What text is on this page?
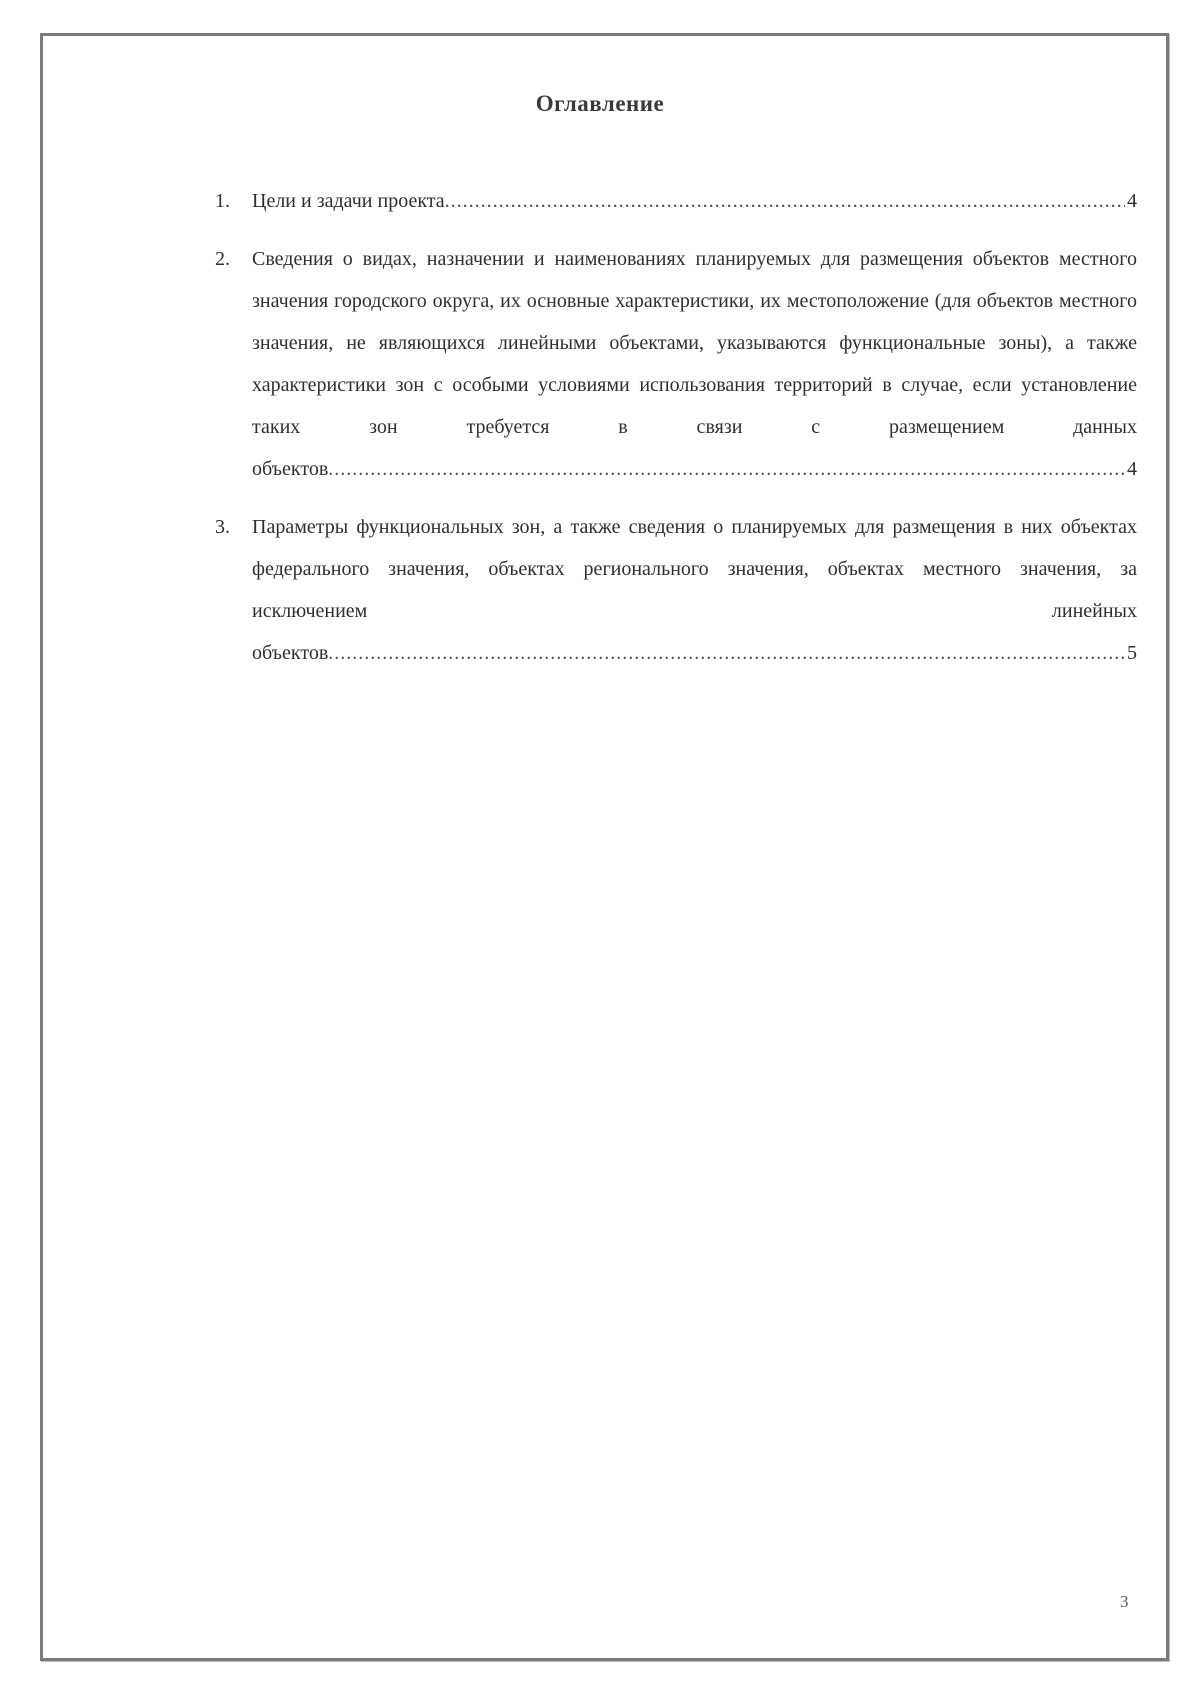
Оглавление
1. Цели и задачи проекта .....	4
2. Сведения о видах, назначении и наименованиях планируемых для размещения объектов местного значения городского округа, их основные характеристики, их местоположение (для объектов местного значения, не являющихся линейными объектами, указываются функциональные зоны), а также характеристики зон с особыми условиями использования территорий в случае, если установление таких зон требуется в связи с размещением данных
объектов .....	4
3. Параметры функциональных зон, а также сведения о планируемых для размещения в них объектах федерального значения, объектах регионального значения, объектах местного значения, за исключением линейных
объектов .....	5
3
